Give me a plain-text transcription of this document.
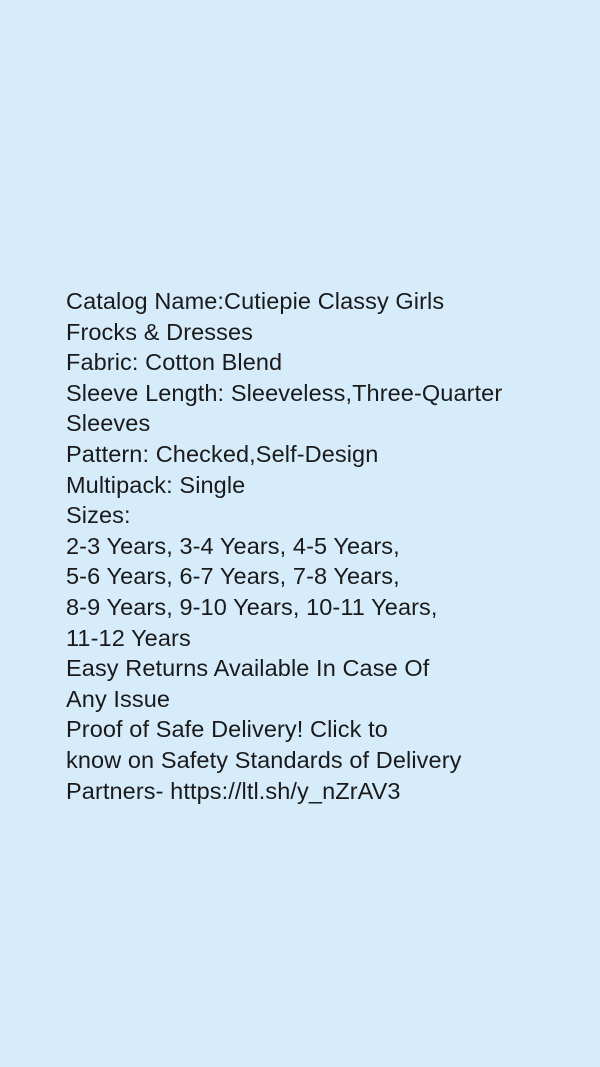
Catalog Name:Cutiepie Classy Girls
Frocks & Dresses
Fabric: Cotton Blend
Sleeve Length: Sleeveless,Three-Quarter
Sleeves
Pattern: Checked,Self-Design
Multipack: Single
Sizes:
2-3 Years, 3-4 Years, 4-5 Years,
5-6 Years, 6-7 Years, 7-8 Years,
8-9 Years, 9-10 Years, 10-11 Years,
11-12 Years
Easy Returns Available In Case Of
Any Issue
Proof of Safe Delivery! Click to
know on Safety Standards of Delivery
Partners- https://ltl.sh/y_nZrAV3
